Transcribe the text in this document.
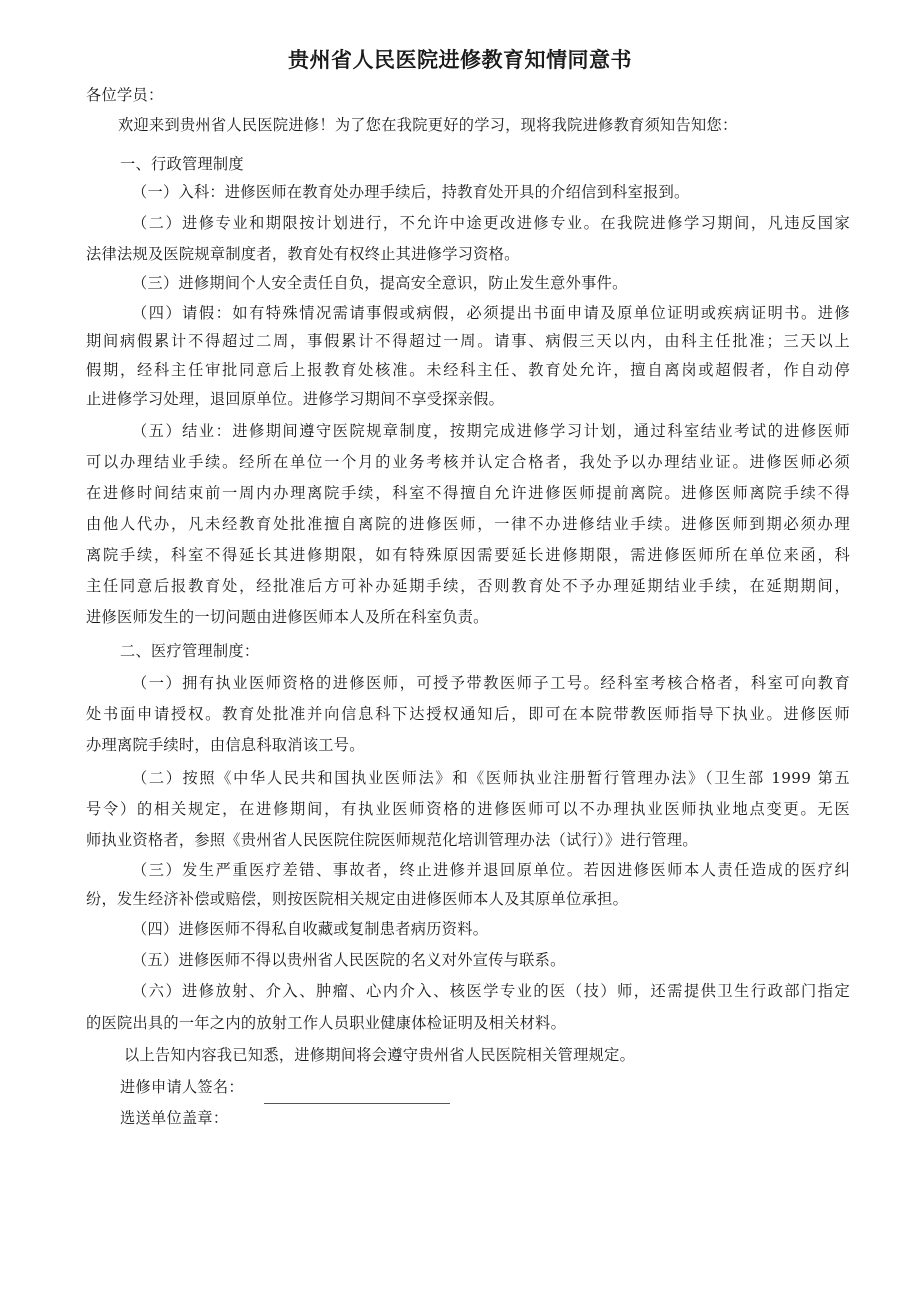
贵州省人民医院进修教育知情同意书
各位学员：
欢迎来到贵州省人民医院进修！为了您在我院更好的学习，现将我院进修教育须知告知您：
一、行政管理制度
（一）入科：进修医师在教育处办理手续后，持教育处开具的介绍信到科室报到。
（二）进修专业和期限按计划进行，不允许中途更改进修专业。在我院进修学习期间，凡违反国家
法律法规及医院规章制度者，教育处有权终止其进修学习资格。
（三）进修期间个人安全责任自负，提高安全意识，防止发生意外事件。
（四）请假：如有特殊情况需请事假或病假，必须提出书面申请及原单位证明或疾病证明书。进修
期间病假累计不得超过二周，事假累计不得超过一周。请事、病假三天以内，由科主任批准；三天以上
假期，经科主任审批同意后上报教育处核准。未经科主任、教育处允许，擅自离岗或超假者，作自动停
止进修学习处理，退回原单位。进修学习期间不享受探亲假。
（五）结业：进修期间遵守医院规章制度，按期完成进修学习计划，通过科室结业考试的进修医师
可以办理结业手续。经所在单位一个月的业务考核并认定合格者，我处予以办理结业证。进修医师必须
在进修时间结束前一周内办理离院手续，科室不得擅自允许进修医师提前离院。进修医师离院手续不得
由他人代办，凡未经教育处批准擅自离院的进修医师，一律不办进修结业手续。进修医师到期必须办理
离院手续，科室不得延长其进修期限，如有特殊原因需要延长进修期限，需进修医师所在单位来函，科
主任同意后报教育处，经批准后方可补办延期手续，否则教育处不予办理延期结业手续，在延期期间，
进修医师发生的一切问题由进修医师本人及所在科室负责。
二、医疗管理制度：
（一）拥有执业医师资格的进修医师，可授予带教医师子工号。经科室考核合格者，科室可向教育
处书面申请授权。教育处批准并向信息科下达授权通知后，即可在本院带教医师指导下执业。进修医师
办理离院手续时，由信息科取消该工号。
（二）按照《中华人民共和国执业医师法》和《医师执业注册暂行管理办法》（卫生部 1999 第五
号令）的相关规定，在进修期间，有执业医师资格的进修医师可以不办理执业医师执业地点变更。无医
师执业资格者，参照《贵州省人民医院住院医师规范化培训管理办法（试行）》进行管理。
（三）发生严重医疗差错、事故者，终止进修并退回原单位。若因进修医师本人责任造成的医疗纠
纷，发生经济补偿或赔偿，则按医院相关规定由进修医师本人及其原单位承担。
（四）进修医师不得私自收藏或复制患者病历资料。
（五）进修医师不得以贵州省人民医院的名义对外宣传与联系。
（六）进修放射、介入、肿瘤、心内介入、核医学专业的医（技）师，还需提供卫生行政部门指定
的医院出具的一年之内的放射工作人员职业健康体检证明及相关材料。
以上告知内容我已知悉，进修期间将会遵守贵州省人民医院相关管理规定。
进修申请人签名：
选送单位盖章：
